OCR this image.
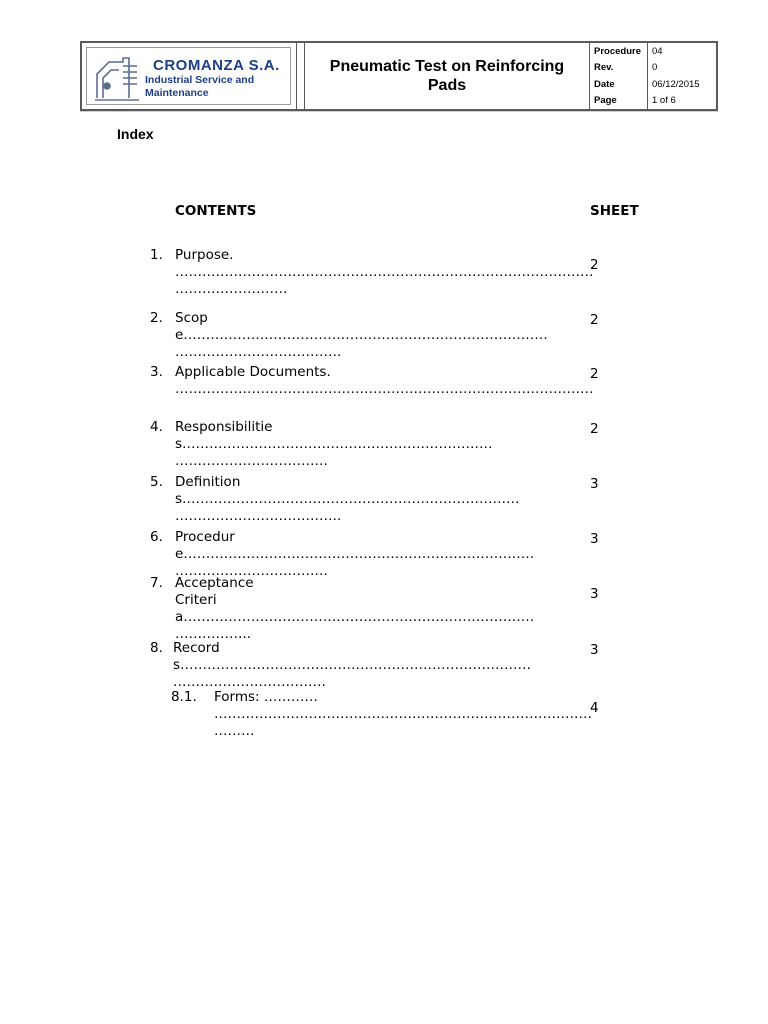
CROMANZA S.A.
Industrial Service and Maintenance
Pneumatic Test on Reinforcing Pads
Procedure	04
Rev.	0
Date	06/12/2015
Page	1 of 6
Index
CONTENTS	SHEET
1. Purpose.
…………………………………………………………………………………
…………………….
2
2. Scope………………………………………………………………………
……………………………….
2
3. Applicable Documents.
…………………………………………………………………………………
2
4. Responsibilities……………………………………………………………
…………………………….
2
5. Definitions…………………………………………………………………
……………………………….
3
6. Procedure……………………………………………………………………
…………………………….
3
7. Acceptance
Criteria……………………………………………………………………
……………..
3
8. Records……………………………………………………………………
…………………………….
3
8.1. Forms: …………
…………………………………………………………………………
………
4
